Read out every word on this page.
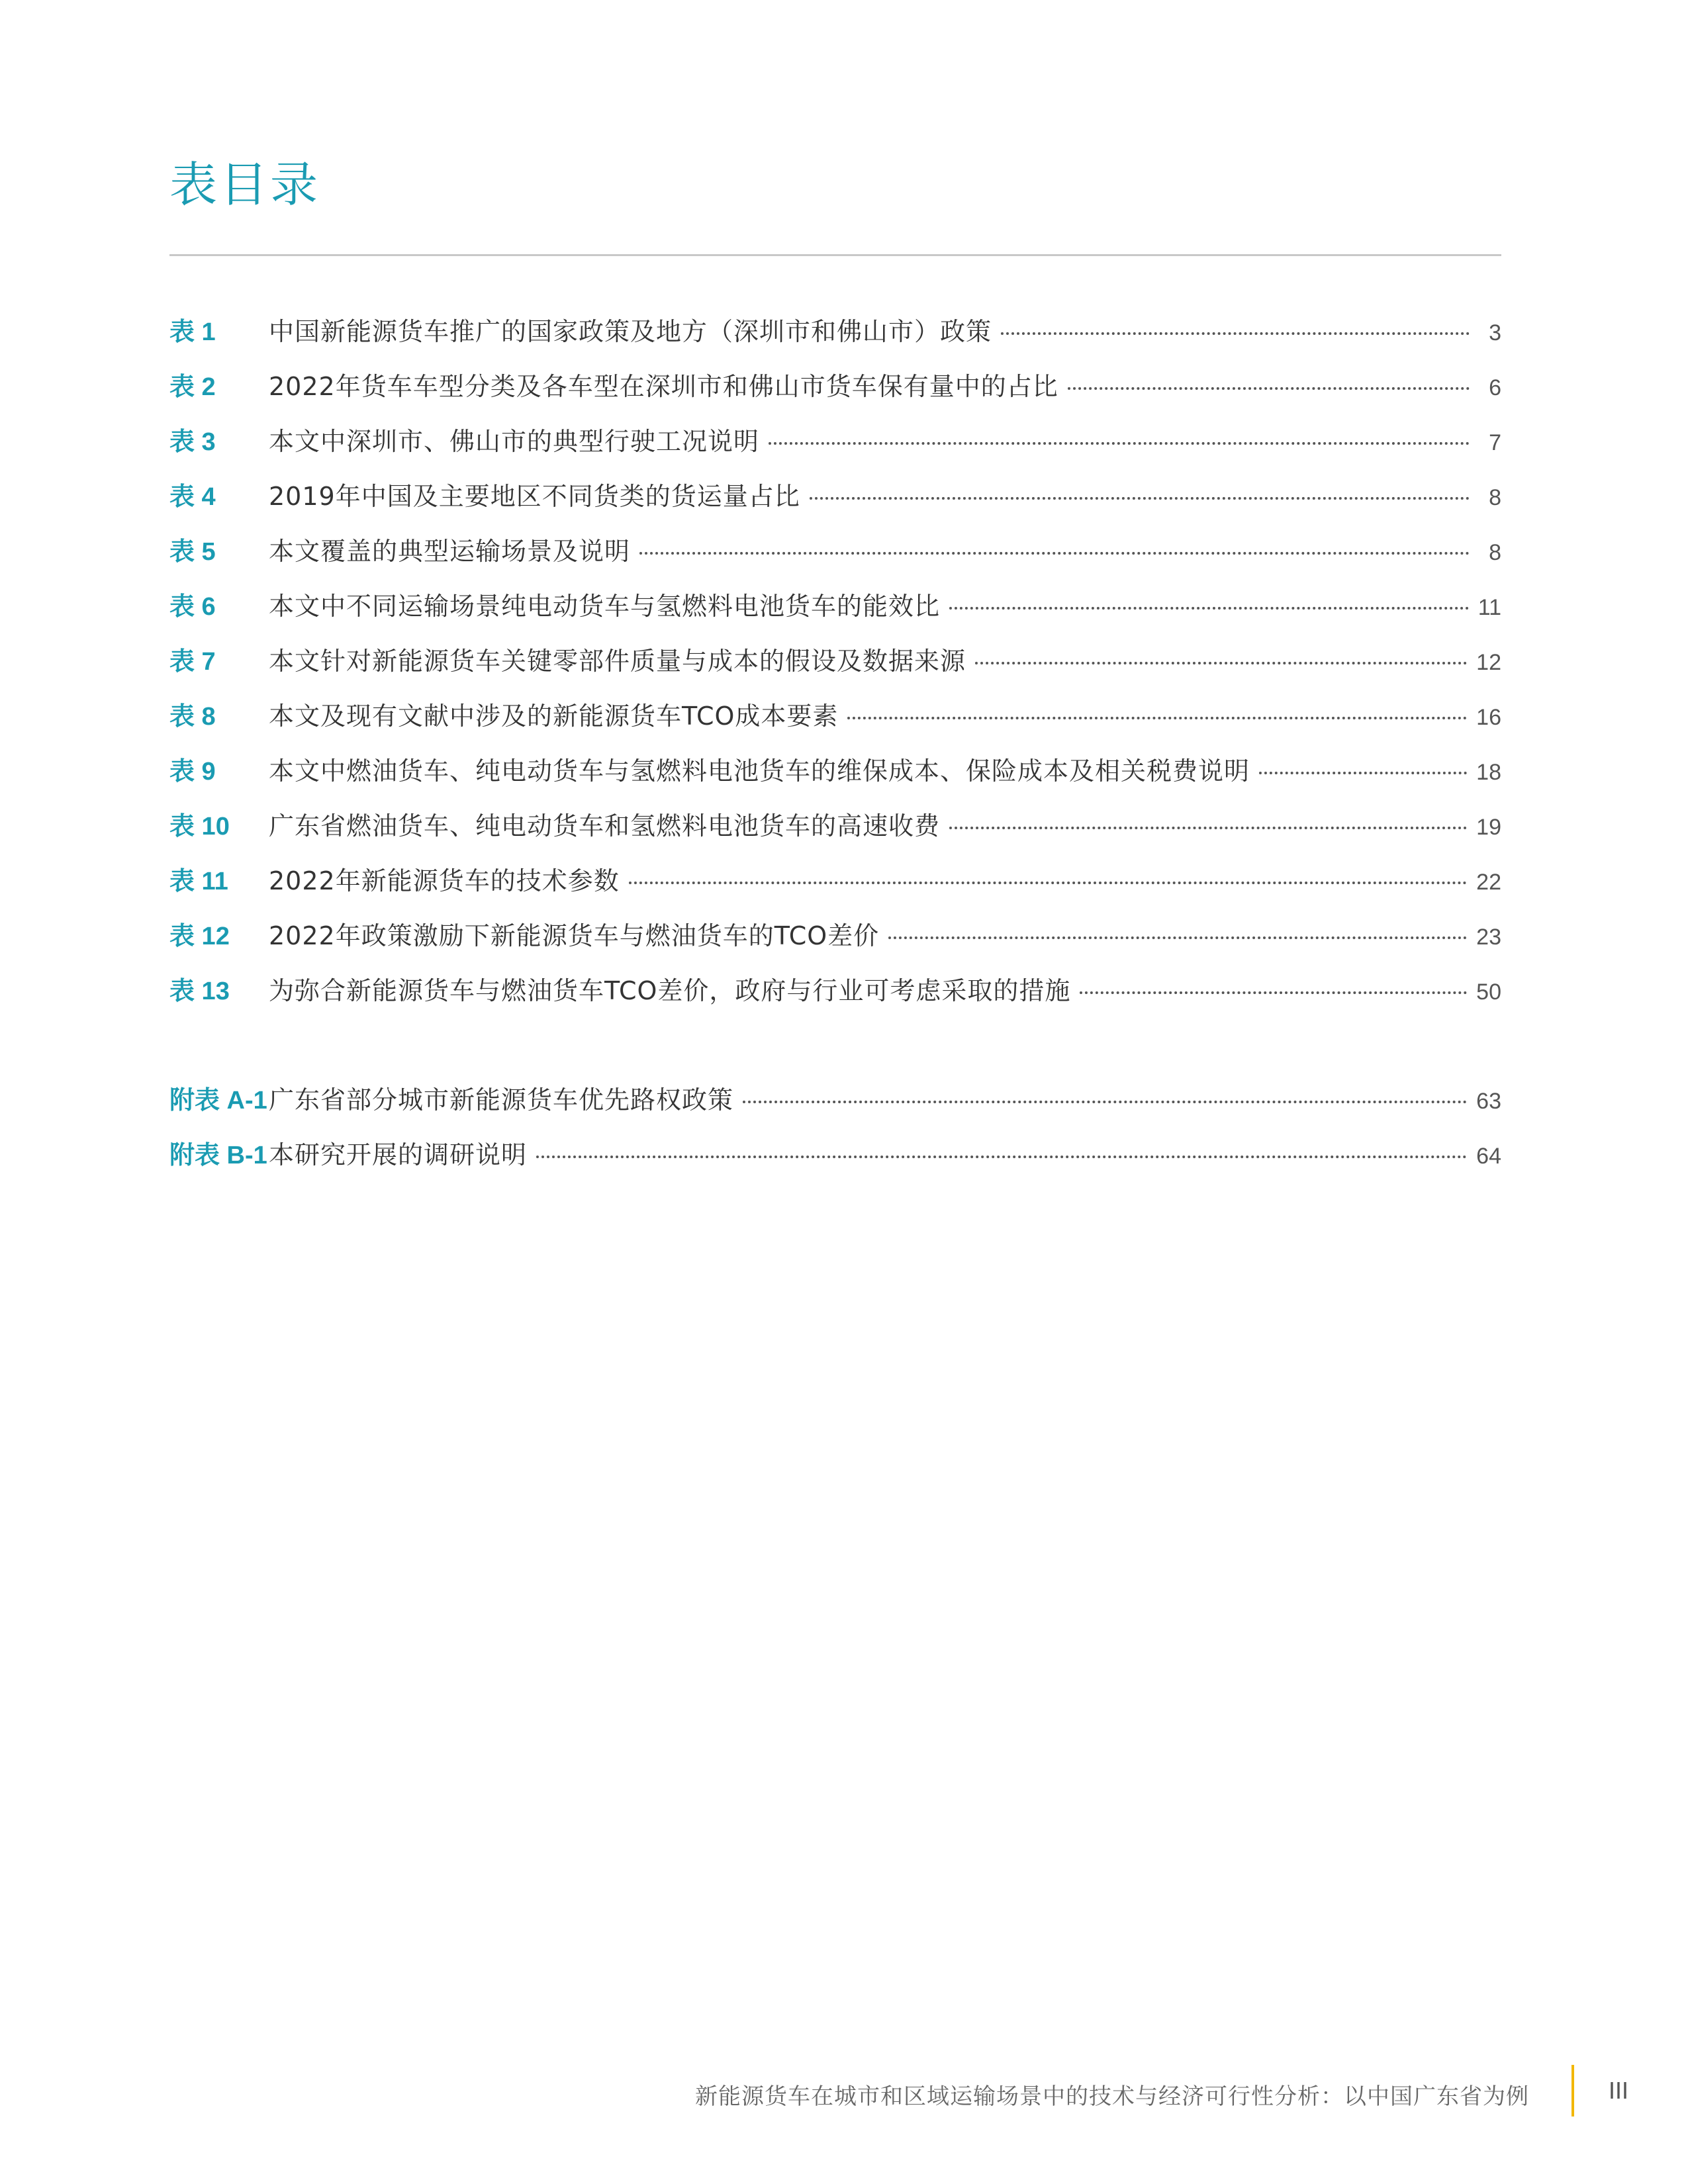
表目录
表 1	中国新能源货车推广的国家政策及地方（深圳市和佛山市）政策	3
表 2	2022年货车车型分类及各车型在深圳市和佛山市货车保有量中的占比	6
表 3	本文中深圳市、佛山市的典型行驶工况说明	7
表 4	2019年中国及主要地区不同货类的货运量占比	8
表 5	本文覆盖的典型运输场景及说明	8
表 6	本文中不同运输场景纯电动货车与氢燃料电池货车的能效比	11
表 7	本文针对新能源货车关键零部件质量与成本的假设及数据来源	12
表 8	本文及现有文献中涉及的新能源货车TCO成本要素	16
表 9	本文中燃油货车、纯电动货车与氢燃料电池货车的维保成本、保险成本及相关税费说明	18
表 10	广东省燃油货车、纯电动货车和氢燃料电池货车的高速收费	19
表 11	2022年新能源货车的技术参数	22
表 12	2022年政策激励下新能源货车与燃油货车的TCO差价	23
表 13	为弥合新能源货车与燃油货车TCO差价，政府与行业可考虑采取的措施	50
附表 A-1 广东省部分城市新能源货车优先路权政策	63
附表 B-1 本研究开展的调研说明	64
新能源货车在城市和区域运输场景中的技术与经济可行性分析：以中国广东省为例	III
